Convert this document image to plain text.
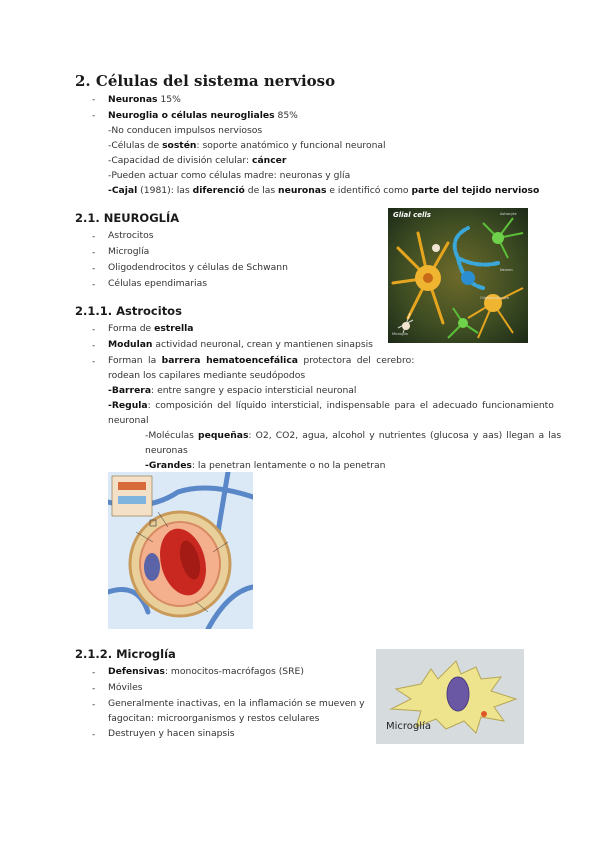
2. Células del sistema nervioso
- Neuronas 15%
- Neuroglia o células neurogliales 85%
-No conducen impulsos nerviosos
-Células de sostén: soporte anatómico y funcional neuronal
-Capacidad de división celular: cáncer
-Pueden actuar como células madre: neuronas y glía
-Cajal (1981): las diferenció de las neuronas e identificó como parte del tejido nervioso
2.1. NEUROGLÍA
- Astrocitos
- Microglía
- Oligodendrocitos y células de Schwann
- Células ependimarias
Glial cells	Astrocyte
Microglia
Oligodendrocyte
Neuron
2.1.1. Astrocitos
- Forma de estrella
- Modulan actividad neuronal, crean y mantienen sinapsis
- Forman la barrera hematoencefálica protectora del cerebro:
rodean los capilares mediante seudópodos
-Barrera: entre sangre y espacio intersticial neuronal
-Regula: composición del líquido intersticial, indispensable para el adecuado funcionamiento
neuronal
-Moléculas pequeñas: O2, CO2, agua, alcohol y nutrientes (glucosa y aas) llegan a las
neuronas
-Grandes: la penetran lentamente o no la penetran
2.1.2. Microglía
- Defensivas: monocitos-macrófagos (SRE)
- Móviles
- Generalmente inactivas, en la inflamación se mueven y
fagocitan: microorganismos y restos celulares
- Destruyen y hacen sinapsis
Microglía
